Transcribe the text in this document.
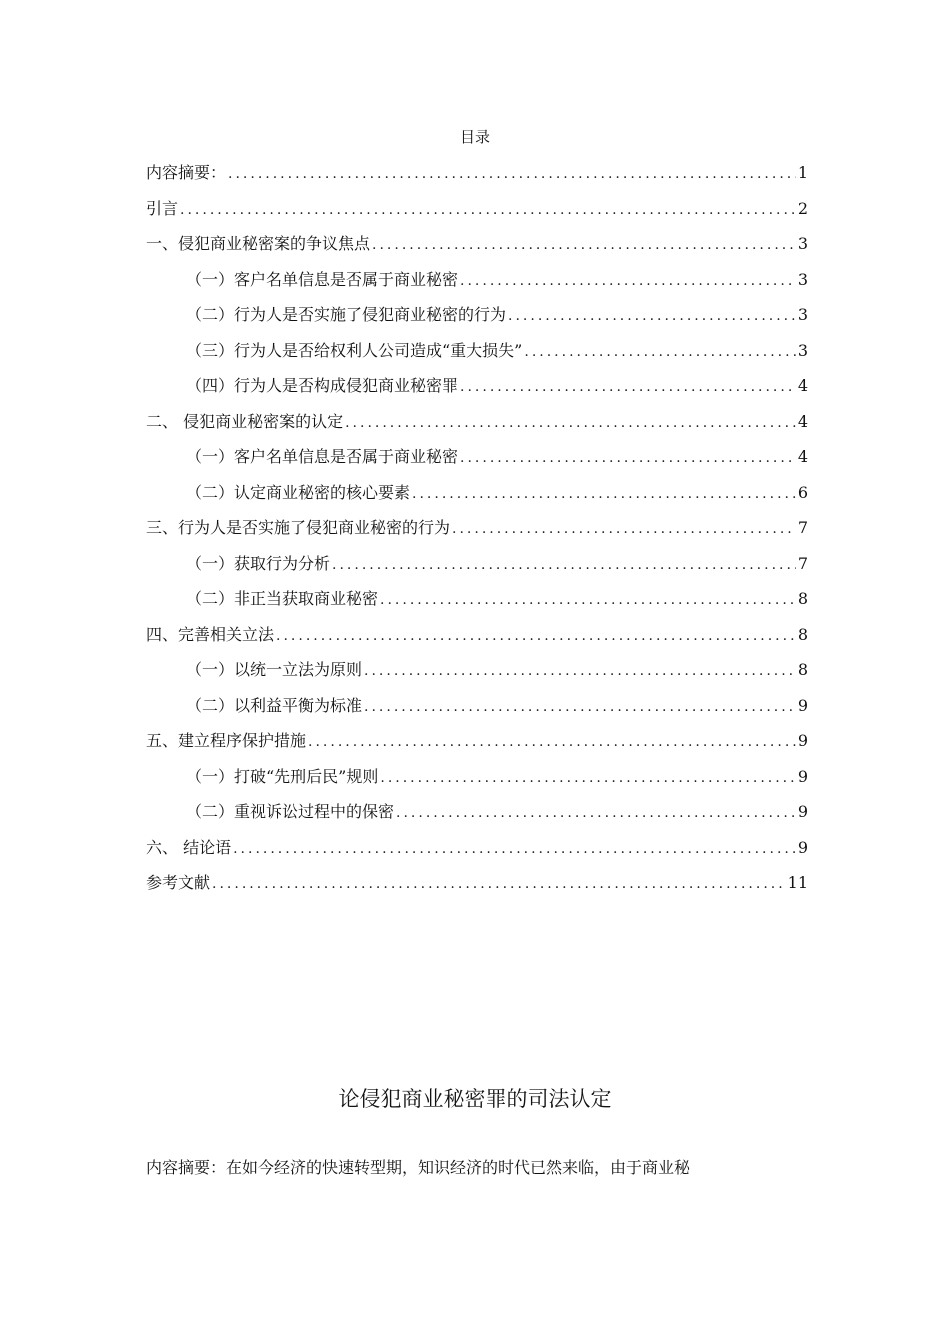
目录
内容摘要： .....	1
引言 .....	2
一、侵犯商业秘密案的争议焦点 .....	3
（一）客户名单信息是否属于商业秘密 .....	3
（二）行为人是否实施了侵犯商业秘密的行为 .....	3
（三）行为人是否给权利人公司造成“重大损失” .....	3
（四）行为人是否构成侵犯商业秘密罪 .....	4
二、 侵犯商业秘密案的认定 .....	4
（一）客户名单信息是否属于商业秘密 .....	4
（二）认定商业秘密的核心要素 .....	6
三、行为人是否实施了侵犯商业秘密的行为 .....	7
（一）获取行为分析 .....	7
（二）非正当获取商业秘密 .....	8
四、完善相关立法 .....	8
（一）以统一立法为原则 .....	8
（二）以利益平衡为标准 .....	9
五、建立程序保护措施 .....	9
（一）打破“先刑后民”规则 .....	9
（二）重视诉讼过程中的保密 .....	9
六、 结论语 .....	9
参考文献 .....	11
论侵犯商业秘密罪的司法认定
内容摘要：在如今经济的快速转型期，知识经济的时代已然来临，由于商业秘
